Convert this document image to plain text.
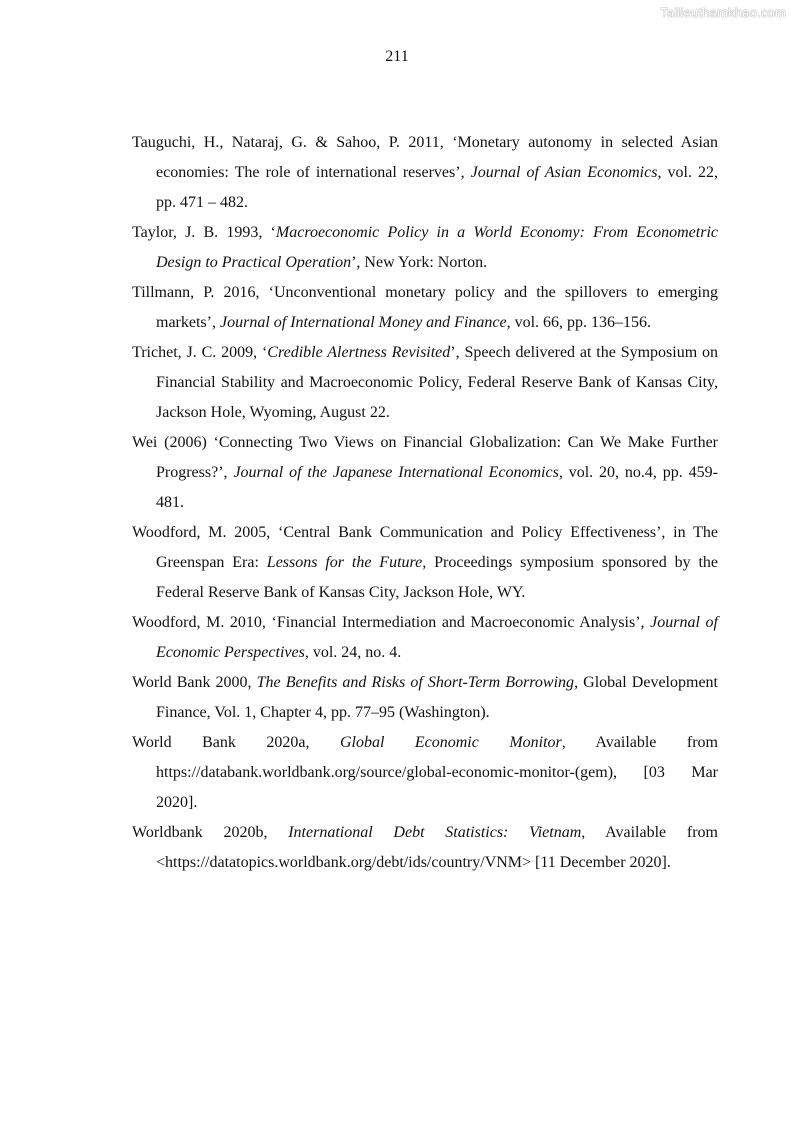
Tailieuthamkhao.com
211

Tauguchi, H., Nataraj, G. & Sahoo, P. 2011, ‘Monetary autonomy in selected Asian economies: The role of international reserves’, Journal of Asian Economics, vol. 22, pp. 471 – 482.

Taylor, J. B. 1993, ‘Macroeconomic Policy in a World Economy: From Econometric Design to Practical Operation’, New York: Norton.

Tillmann, P. 2016, ‘Unconventional monetary policy and the spillovers to emerging markets’, Journal of International Money and Finance, vol. 66, pp. 136–156.

Trichet, J. C. 2009, ‘Credible Alertness Revisited’, Speech delivered at the Symposium on Financial Stability and Macroeconomic Policy, Federal Reserve Bank of Kansas City, Jackson Hole, Wyoming, August 22.

Wei (2006) ‘Connecting Two Views on Financial Globalization: Can We Make Further Progress?’, Journal of the Japanese International Economics, vol. 20, no.4, pp. 459-481.

Woodford, M. 2005, ‘Central Bank Communication and Policy Effectiveness’, in The Greenspan Era: Lessons for the Future, Proceedings symposium sponsored by the Federal Reserve Bank of Kansas City, Jackson Hole, WY.

Woodford, M. 2010, ‘Financial Intermediation and Macroeconomic Analysis’, Journal of Economic Perspectives, vol. 24, no. 4.

World Bank 2000, The Benefits and Risks of Short-Term Borrowing, Global Development Finance, Vol. 1, Chapter 4, pp. 77–95 (Washington).

World Bank 2020a, Global Economic Monitor, Available from https://databank.worldbank.org/source/global-economic-monitor-(gem), [03 Mar 2020].

Worldbank 2020b, International Debt Statistics: Vietnam, Available from <https://datatopics.worldbank.org/debt/ids/country/VNM> [11 December 2020].
